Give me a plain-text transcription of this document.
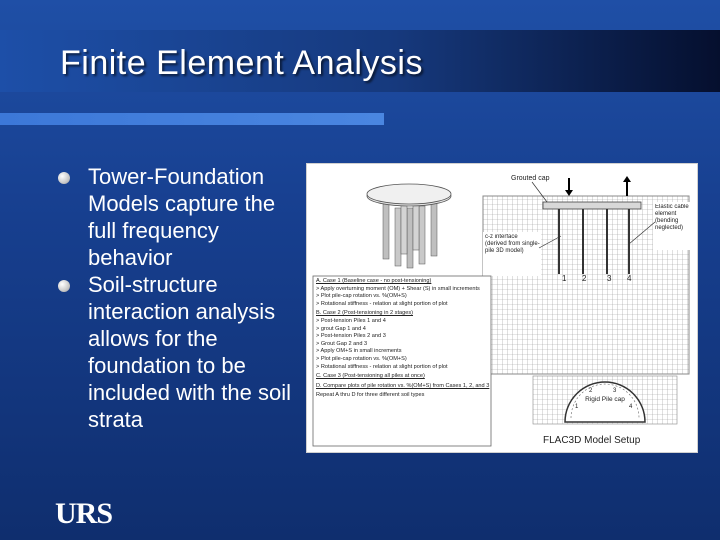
Finite Element Analysis
Tower-Foundation Models capture the full frequency behavior
Soil-structure interaction analysis allows for the foundation to be included with the soil strata
Grouted cap
1 2	3 4
c-z interface (derived from single-pile 3D model)
Elastic cable element (bending neglected)
A. Case 1 (Baseline case - no post-tensioning)
> Apply overturning moment (OM) + Shear (S) in small increments
> Plot pile-cap rotation vs. %(OM+S)
> Rotational stiffness - relation at slight portion of plot
B. Case 2 (Post-tensioning in 2 stages)
> Post-tension Piles 1 and 4
> grout Gap 1 and 4
> Post-tension Piles 2 and 3
> Grout Gap 2 and 3
> Apply OM+S in small increments
> Plot pile-cap rotation vs. %(OM+S)
> Rotational stiffness - relation at slight portion of plot
C. Case 3 (Post-tensioning all piles at once)
D. Compare plots of pile rotation vs. %(OM+S) from Cases 1, 2, and 3
Repeat A thru D for three different soil types
1
2	3
4
Rigid Pile cap
FLAC3D Model Setup
URS
